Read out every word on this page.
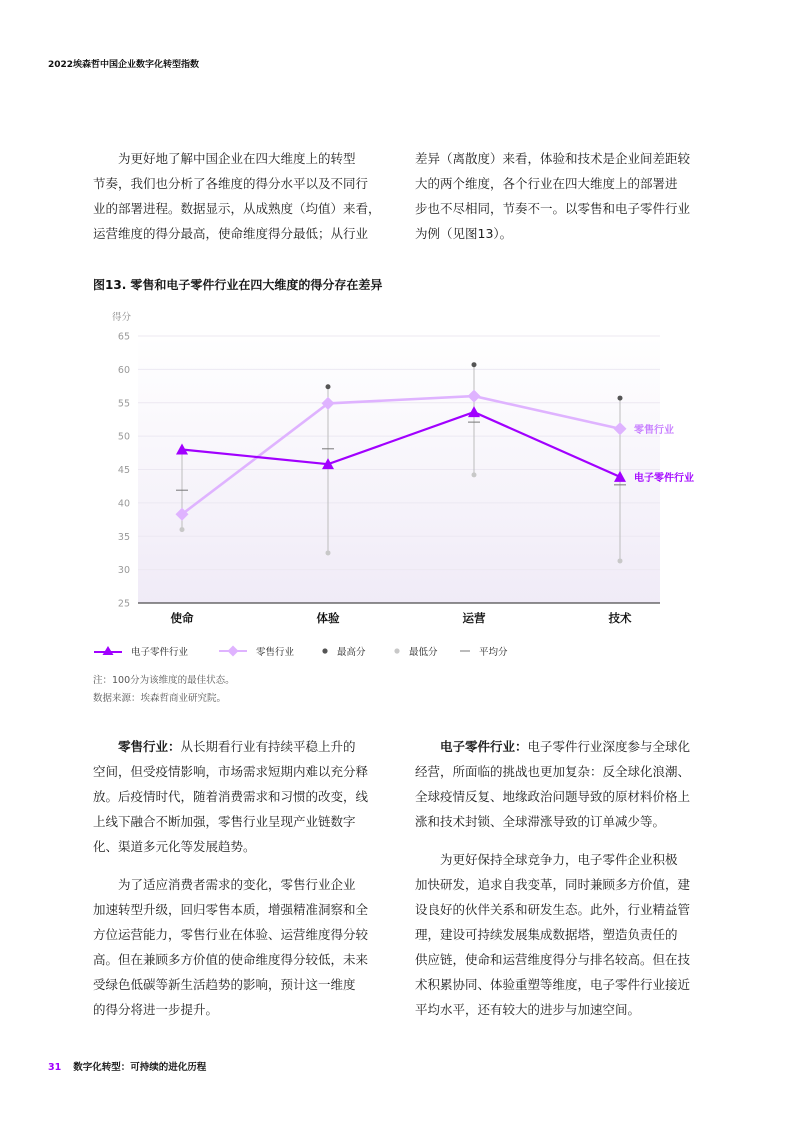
2022埃森哲中国企业数字化转型指数

为更好地了解中国企业在四大维度上的转型
节奏，我们也分析了各维度的得分水平以及不同行
业的部署进程。数据显示，从成熟度（均值）来看，
运营维度的得分最高，使命维度得分最低；从行业

差异（离散度）来看，体验和技术是企业间差距较
大的两个维度，各个行业在四大维度上的部署进
步也不尽相同，节奏不一。以零售和电子零件行业
为例（见图13）。

图13. 零售和电子零件行业在四大维度的得分存在差异
得分
25
30
35
40
45
50
55
60
65
使命	体验	运营	技术
零售行业
电子零件行业
电子零件行业	零售行业	最高分	最低分	平均分
注：100分为该维度的最佳状态。
数据来源：埃森哲商业研究院。

零售行业：从长期看行业有持续平稳上升的
空间，但受疫情影响，市场需求短期内难以充分释
放。后疫情时代，随着消费需求和习惯的改变，线
上线下融合不断加强，零售行业呈现产业链数字
化、渠道多元化等发展趋势。

为了适应消费者需求的变化，零售行业企业
加速转型升级，回归零售本质，增强精准洞察和全
方位运营能力，零售行业在体验、运营维度得分较
高。但在兼顾多方价值的使命维度得分较低，未来
受绿色低碳等新生活趋势的影响，预计这一维度
的得分将进一步提升。

电子零件行业：电子零件行业深度参与全球化
经营，所面临的挑战也更加复杂：反全球化浪潮、
全球疫情反复、地缘政治问题导致的原材料价格上
涨和技术封锁、全球滞涨导致的订单减少等。

为更好保持全球竞争力，电子零件企业积极
加快研发，追求自我变革，同时兼顾多方价值，建
设良好的伙伴关系和研发生态。此外，行业精益管
理，建设可持续发展集成数据塔，塑造负责任的
供应链，使命和运营维度得分与排名较高。但在技
术积累协同、体验重塑等维度，电子零件行业接近
平均水平，还有较大的进步与加速空间。

31 数字化转型：可持续的进化历程
